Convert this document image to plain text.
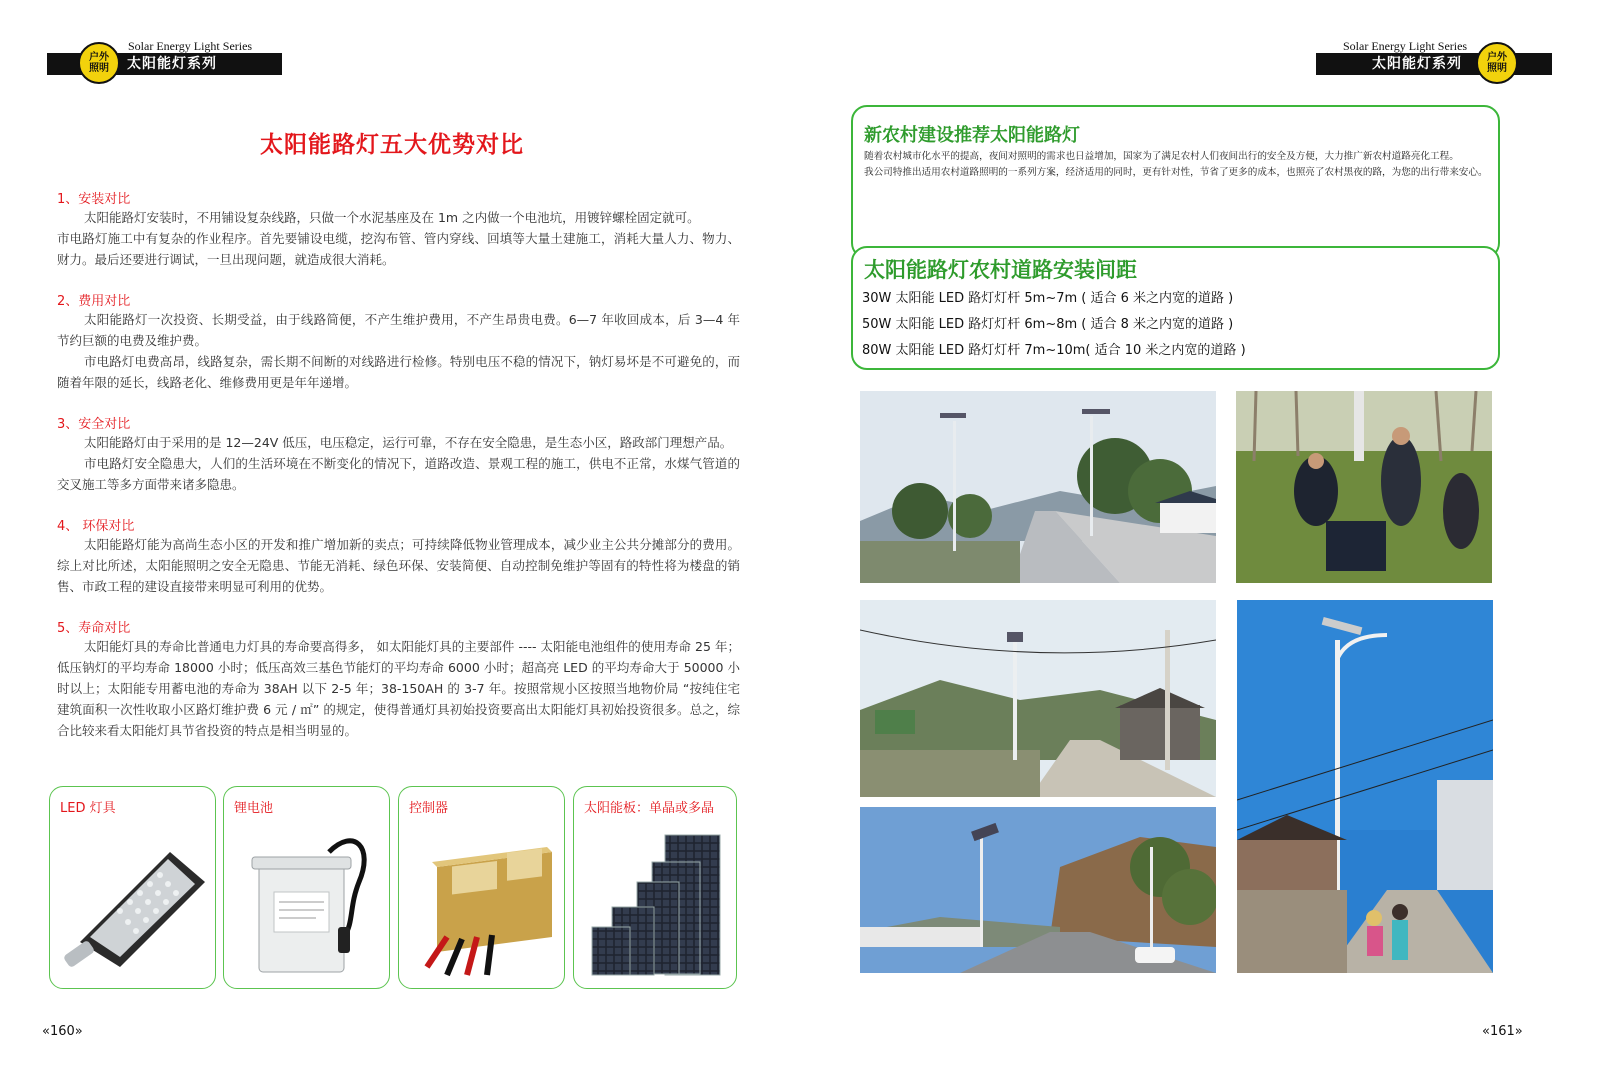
Solar Energy Light Series
太阳能灯系列
户外照明
Solar Energy Light Series
太阳能灯系列	户外照明
太阳能路灯五大优势对比
1、安装对比

太阳能路灯安装时，不用铺设复杂线路，只做一个水泥基座及在 1m 之内做一个电池坑，用镀锌螺栓固定就可。

市电路灯施工中有复杂的作业程序。首先要铺设电缆，挖沟布管、管内穿线、回填等大量土建施工，消耗大量人力、物力、财力。最后还要进行调试，一旦出现问题，就造成很大消耗。

2、费用对比

太阳能路灯一次投资、长期受益，由于线路简便，不产生维护费用，不产生昂贵电费。6—7 年收回成本，后 3—4 年节约巨额的电费及维护费。

市电路灯电费高昂，线路复杂，需长期不间断的对线路进行检修。特别电压不稳的情况下，钠灯易坏是不可避免的，而随着年限的延长，线路老化、维修费用更是年年递增。

3、安全对比

太阳能路灯由于采用的是 12—24V 低压，电压稳定，运行可靠，不存在安全隐患，是生态小区，路政部门理想产品。

市电路灯安全隐患大，人们的生活环境在不断变化的情况下，道路改造、景观工程的施工，供电不正常，水煤气管道的交叉施工等多方面带来诸多隐患。

4、 环保对比

太阳能路灯能为高尚生态小区的开发和推广增加新的卖点；可持续降低物业管理成本，减少业主公共分摊部分的费用。综上对比所述，太阳能照明之安全无隐患、节能无消耗、绿色环保、安装简便、自动控制免维护等固有的特性将为楼盘的销售、市政工程的建设直接带来明显可利用的优势。

5、寿命对比

太阳能灯具的寿命比普通电力灯具的寿命要高得多， 如太阳能灯具的主要部件 ---- 太阳能电池组件的使用寿命 25 年；低压钠灯的平均寿命 18000 小时；低压高效三基色节能灯的平均寿命 6000 小时；超高亮 LED 的平均寿命大于 50000 小时以上；太阳能专用蓄电池的寿命为 38AH 以下 2-5 年；38-150AH 的 3-7 年。按照常规小区按照当地物价局 “按纯住宅建筑面积一次性收取小区路灯维护费 6 元 / ㎡” 的规定，使得普通灯具初始投资要高出太阳能灯具初始投资很多。总之，综合比较来看太阳能灯具节省投资的特点是相当明显的。

LED 灯具	锂电池	控制器	太阳能板：单晶或多晶
«160»
新农村建设推荐太阳能路灯

随着农村城市化水平的提高，夜间对照明的需求也日益增加，国家为了满足农村人们夜间出行的安全及方便，大力推广新农村道路亮化工程。

我公司特推出适用农村道路照明的一系列方案，经济适用的同时，更有针对性，节省了更多的成本，也照亮了农村黑夜的路，为您的出行带来安心。

太阳能路灯农村道路安装间距
30W 太阳能 LED 路灯灯杆 5m~7m ( 适合 6 米之内宽的道路 )
50W 太阳能 LED 路灯灯杆 6m~8m ( 适合 8 米之内宽的道路 )
80W 太阳能 LED 路灯灯杆 7m~10m( 适合 10 米之内宽的道路 )
«161»
